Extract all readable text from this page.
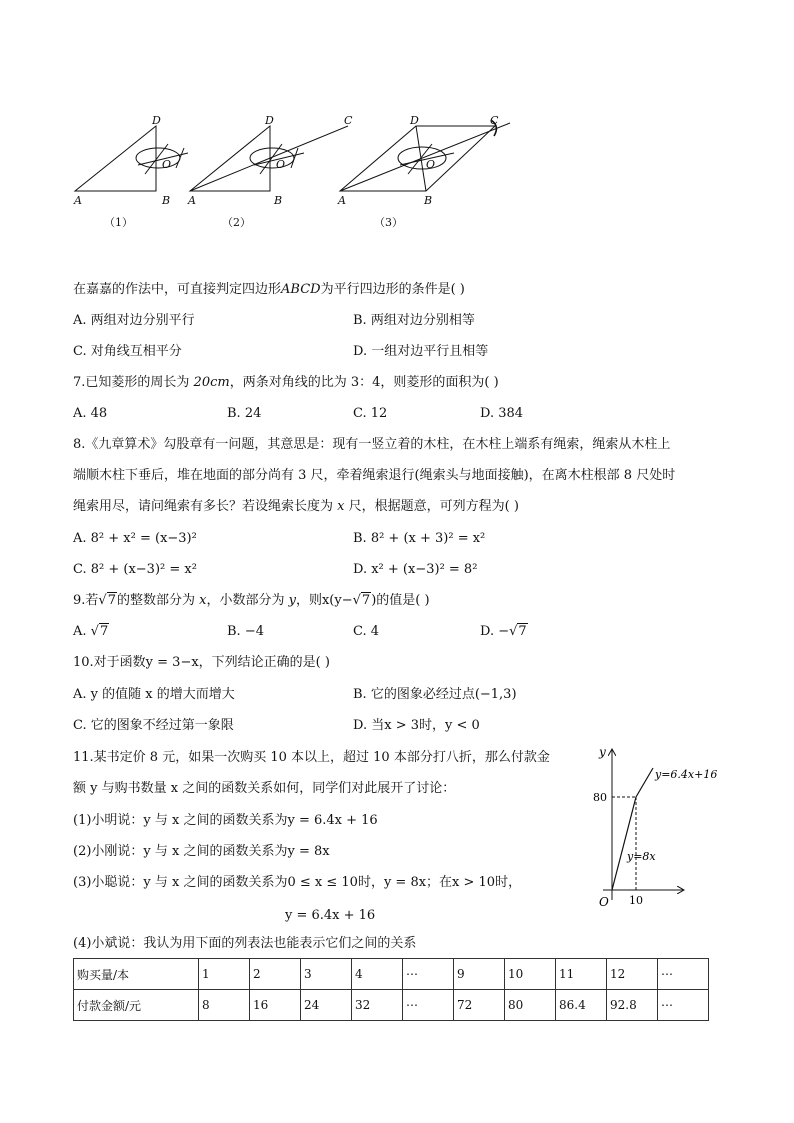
A	B
D
O
A	B
D	C
O
A	B
D	C
O
（1）	（2）	（3）
在嘉嘉的作法中，可直接判定四边形ABCD为平行四边形的条件是( )
A. 两组对边分别平行	B. 两组对边分别相等
C. 对角线互相平分	D. 一组对边平行且相等
7.已知菱形的周长为 20cm，两条对角线的比为 3：4，则菱形的面积为( )
A. 48	B. 24	C. 12	D. 384
8.《九章算术》勾股章有一问题，其意思是：现有一竖立着的木柱，在木柱上端系有绳索，绳索从木柱上
端顺木柱下垂后，堆在地面的部分尚有 3 尺，牵着绳索退行(绳索头与地面接触)，在离木柱根部 8 尺处时
绳索用尽，请问绳索有多长？若设绳索长度为 x 尺，根据题意，可列方程为( )
A. 8² + x² = (x−3)²	B. 8² + (x + 3)² = x²
C. 8² + (x−3)² = x²	D. x² + (x−3)² = 8²
9.若√7的整数部分为 x，小数部分为 y，则x(y−√7)的值是( )
A. √7	B. −4	C. 4	D. −√7
10.对于函数y = 3−x，下列结论正确的是( )
A. y 的值随 x 的增大而增大	B. 它的图象必经过点(−1,3)
C. 它的图象不经过第一象限	D. 当x > 3时，y < 0
11.某书定价 8 元，如果一次购买 10 本以上，超过 10 本部分打八折，那么付款金
额 y 与购书数量 x 之间的函数关系如何，同学们对此展开了讨论：
(1)小明说：y 与 x 之间的函数关系为y = 6.4x + 16
(2)小刚说：y 与 x 之间的函数关系为y = 8x
(3)小聪说：y 与 x 之间的函数关系为0 ≤ x ≤ 10时，y = 8x；在x > 10时，
y = 6.4x + 16
(4)小斌说：我认为用下面的列表法也能表示它们之间的关系
y
O 10
80
y=6.4x+16
y=8x
购买量/本	1	2	3	4	⋯	9	10	11	12	⋯
付款金额/元	8	16	24	32	⋯	72	80	86.4	92.8	⋯
